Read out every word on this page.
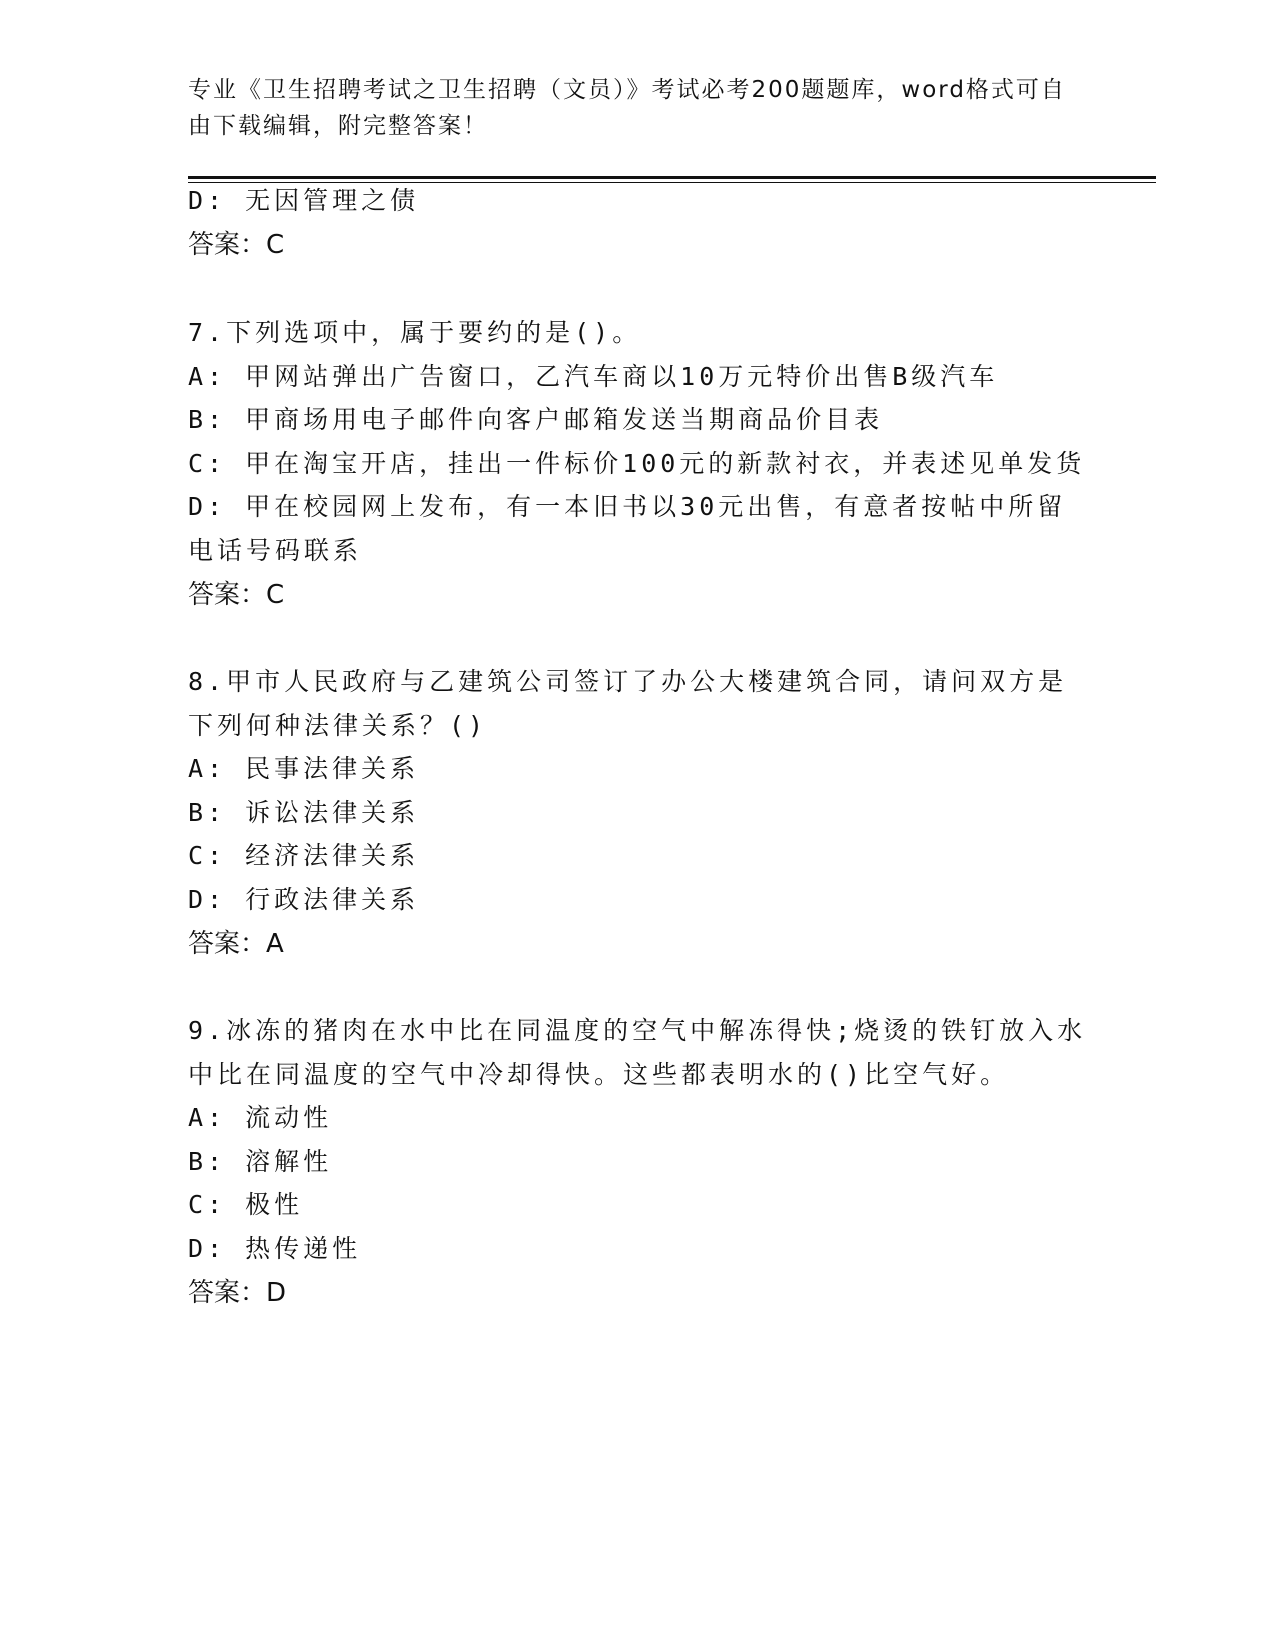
专业《卫生招聘考试之卫生招聘（文员）》考试必考200题题库，word格式可自
由下载编辑，附完整答案！
D: 无因管理之债
答案：C
7.下列选项中，属于要约的是()。
A: 甲网站弹出广告窗口，乙汽车商以10万元特价出售B级汽车
B: 甲商场用电子邮件向客户邮箱发送当期商品价目表
C: 甲在淘宝开店，挂出一件标价100元的新款衬衣，并表述见单发货
D: 甲在校园网上发布，有一本旧书以30元出售，有意者按帖中所留
电话号码联系
答案：C
8.甲市人民政府与乙建筑公司签订了办公大楼建筑合同，请问双方是
下列何种法律关系？()
A: 民事法律关系
B: 诉讼法律关系
C: 经济法律关系
D: 行政法律关系
答案：A
9.冰冻的猪肉在水中比在同温度的空气中解冻得快;烧烫的铁钉放入水
中比在同温度的空气中冷却得快。这些都表明水的()比空气好。
A: 流动性
B: 溶解性
C: 极性
D: 热传递性
答案：D
